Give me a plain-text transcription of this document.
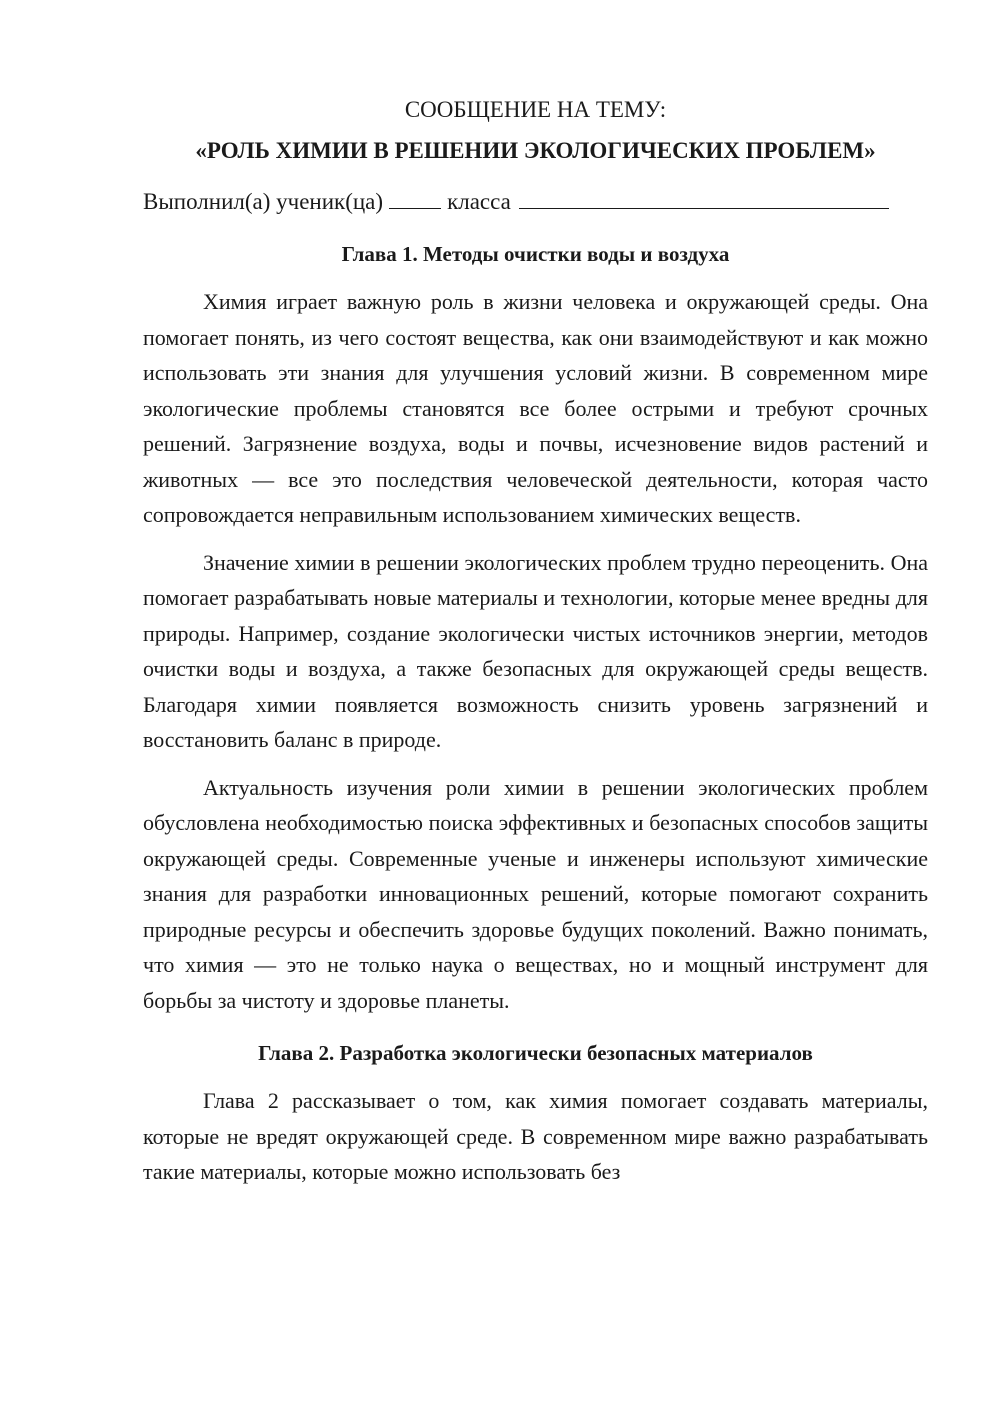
СООБЩЕНИЕ НА ТЕМУ:
«РОЛЬ ХИМИИ В РЕШЕНИИ ЭКОЛОГИЧЕСКИХ ПРОБЛЕМ»
Выполнил(а) ученик(ца)	класса
Глава 1. Методы очистки воды и воздуха

Химия играет важную роль в жизни человека и окружающей среды. Она помогает понять, из чего состоят вещества, как они взаимодействуют и как можно использовать эти знания для улучшения условий жизни. В современном мире экологические проблемы становятся все более острыми и требуют срочных решений. Загрязнение воздуха, воды и почвы, исчезновение видов растений и животных — все это последствия человеческой деятельности, которая часто сопровождается неправильным использованием химических веществ.

Значение химии в решении экологических проблем трудно переоценить. Она помогает разрабатывать новые материалы и технологии, которые менее вредны для природы. Например, создание экологически чистых источников энергии, методов очистки воды и воздуха, а также безопасных для окружающей среды веществ. Благодаря химии появляется возможность снизить уровень загрязнений и восстановить баланс в природе.

Актуальность изучения роли химии в решении экологических проблем обусловлена необходимостью поиска эффективных и безопасных способов защиты окружающей среды. Современные ученые и инженеры используют химические знания для разработки инновационных решений, которые помогают сохранить природные ресурсы и обеспечить здоровье будущих поколений. Важно понимать, что химия — это не только наука о веществах, но и мощный инструмент для борьбы за чистоту и здоровье планеты.

Глава 2. Разработка экологически безопасных материалов

Глава 2 рассказывает о том, как химия помогает создавать материалы, которые не вредят окружающей среде. В современном мире важно разрабатывать такие материалы, которые можно использовать без
